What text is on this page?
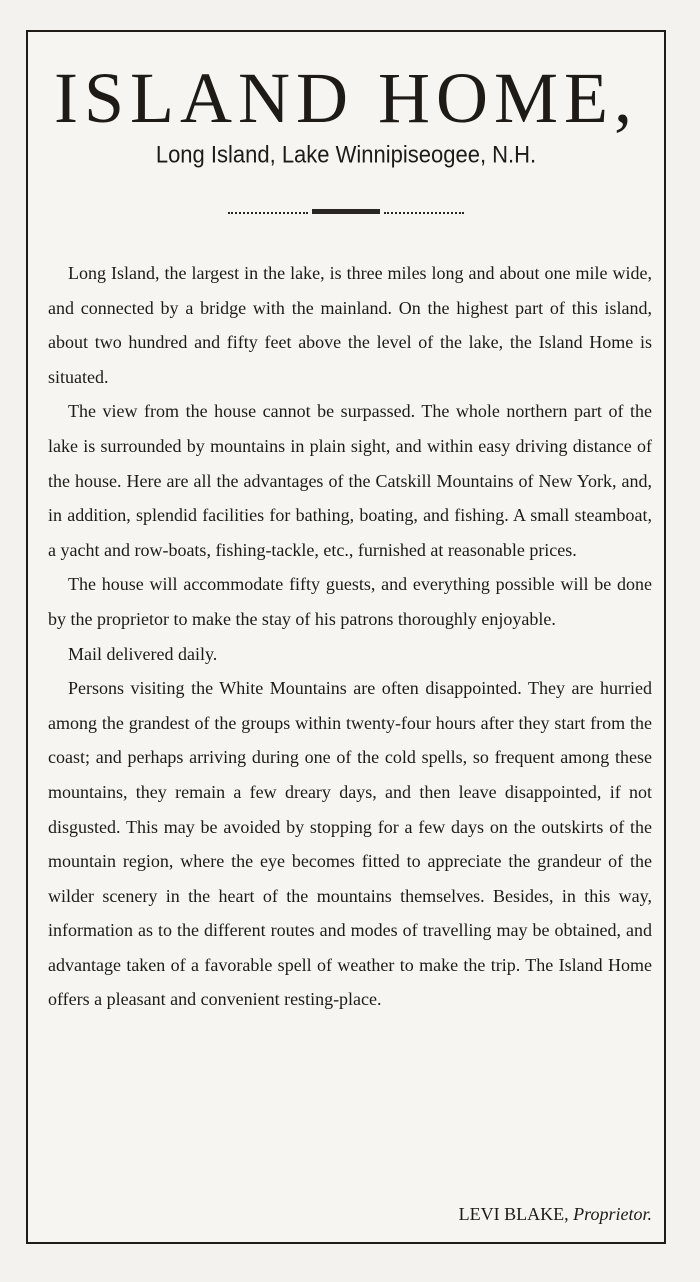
ISLAND HOME,
Long Island, Lake Winnipiseogee, N.H.

Long Island, the largest in the lake, is three miles long and about one mile wide, and connected by a bridge with the mainland. On the highest part of this island, about two hundred and fifty feet above the level of the lake, the Island Home is situated.

The view from the house cannot be surpassed. The whole northern part of the lake is surrounded by mountains in plain sight, and within easy driving distance of the house. Here are all the advantages of the Catskill Mountains of New York, and, in addition, splendid facilities for bathing, boating, and fishing. A small steamboat, a yacht and row-boats, fishing-tackle, etc., furnished at reasonable prices.

The house will accommodate fifty guests, and everything possible will be done by the proprietor to make the stay of his patrons thoroughly enjoyable.

Mail delivered daily.

Persons visiting the White Mountains are often disappointed. They are hurried among the grandest of the groups within twenty-four hours after they start from the coast; and perhaps arriving during one of the cold spells, so frequent among these mountains, they remain a few dreary days, and then leave disappointed, if not disgusted. This may be avoided by stopping for a few days on the outskirts of the mountain region, where the eye becomes fitted to appreciate the grandeur of the wilder scenery in the heart of the mountains themselves. Besides, in this way, information as to the different routes and modes of travelling may be obtained, and advantage taken of a favorable spell of weather to make the trip. The Island Home offers a pleasant and convenient resting-place.

LEVI BLAKE, Proprietor.
